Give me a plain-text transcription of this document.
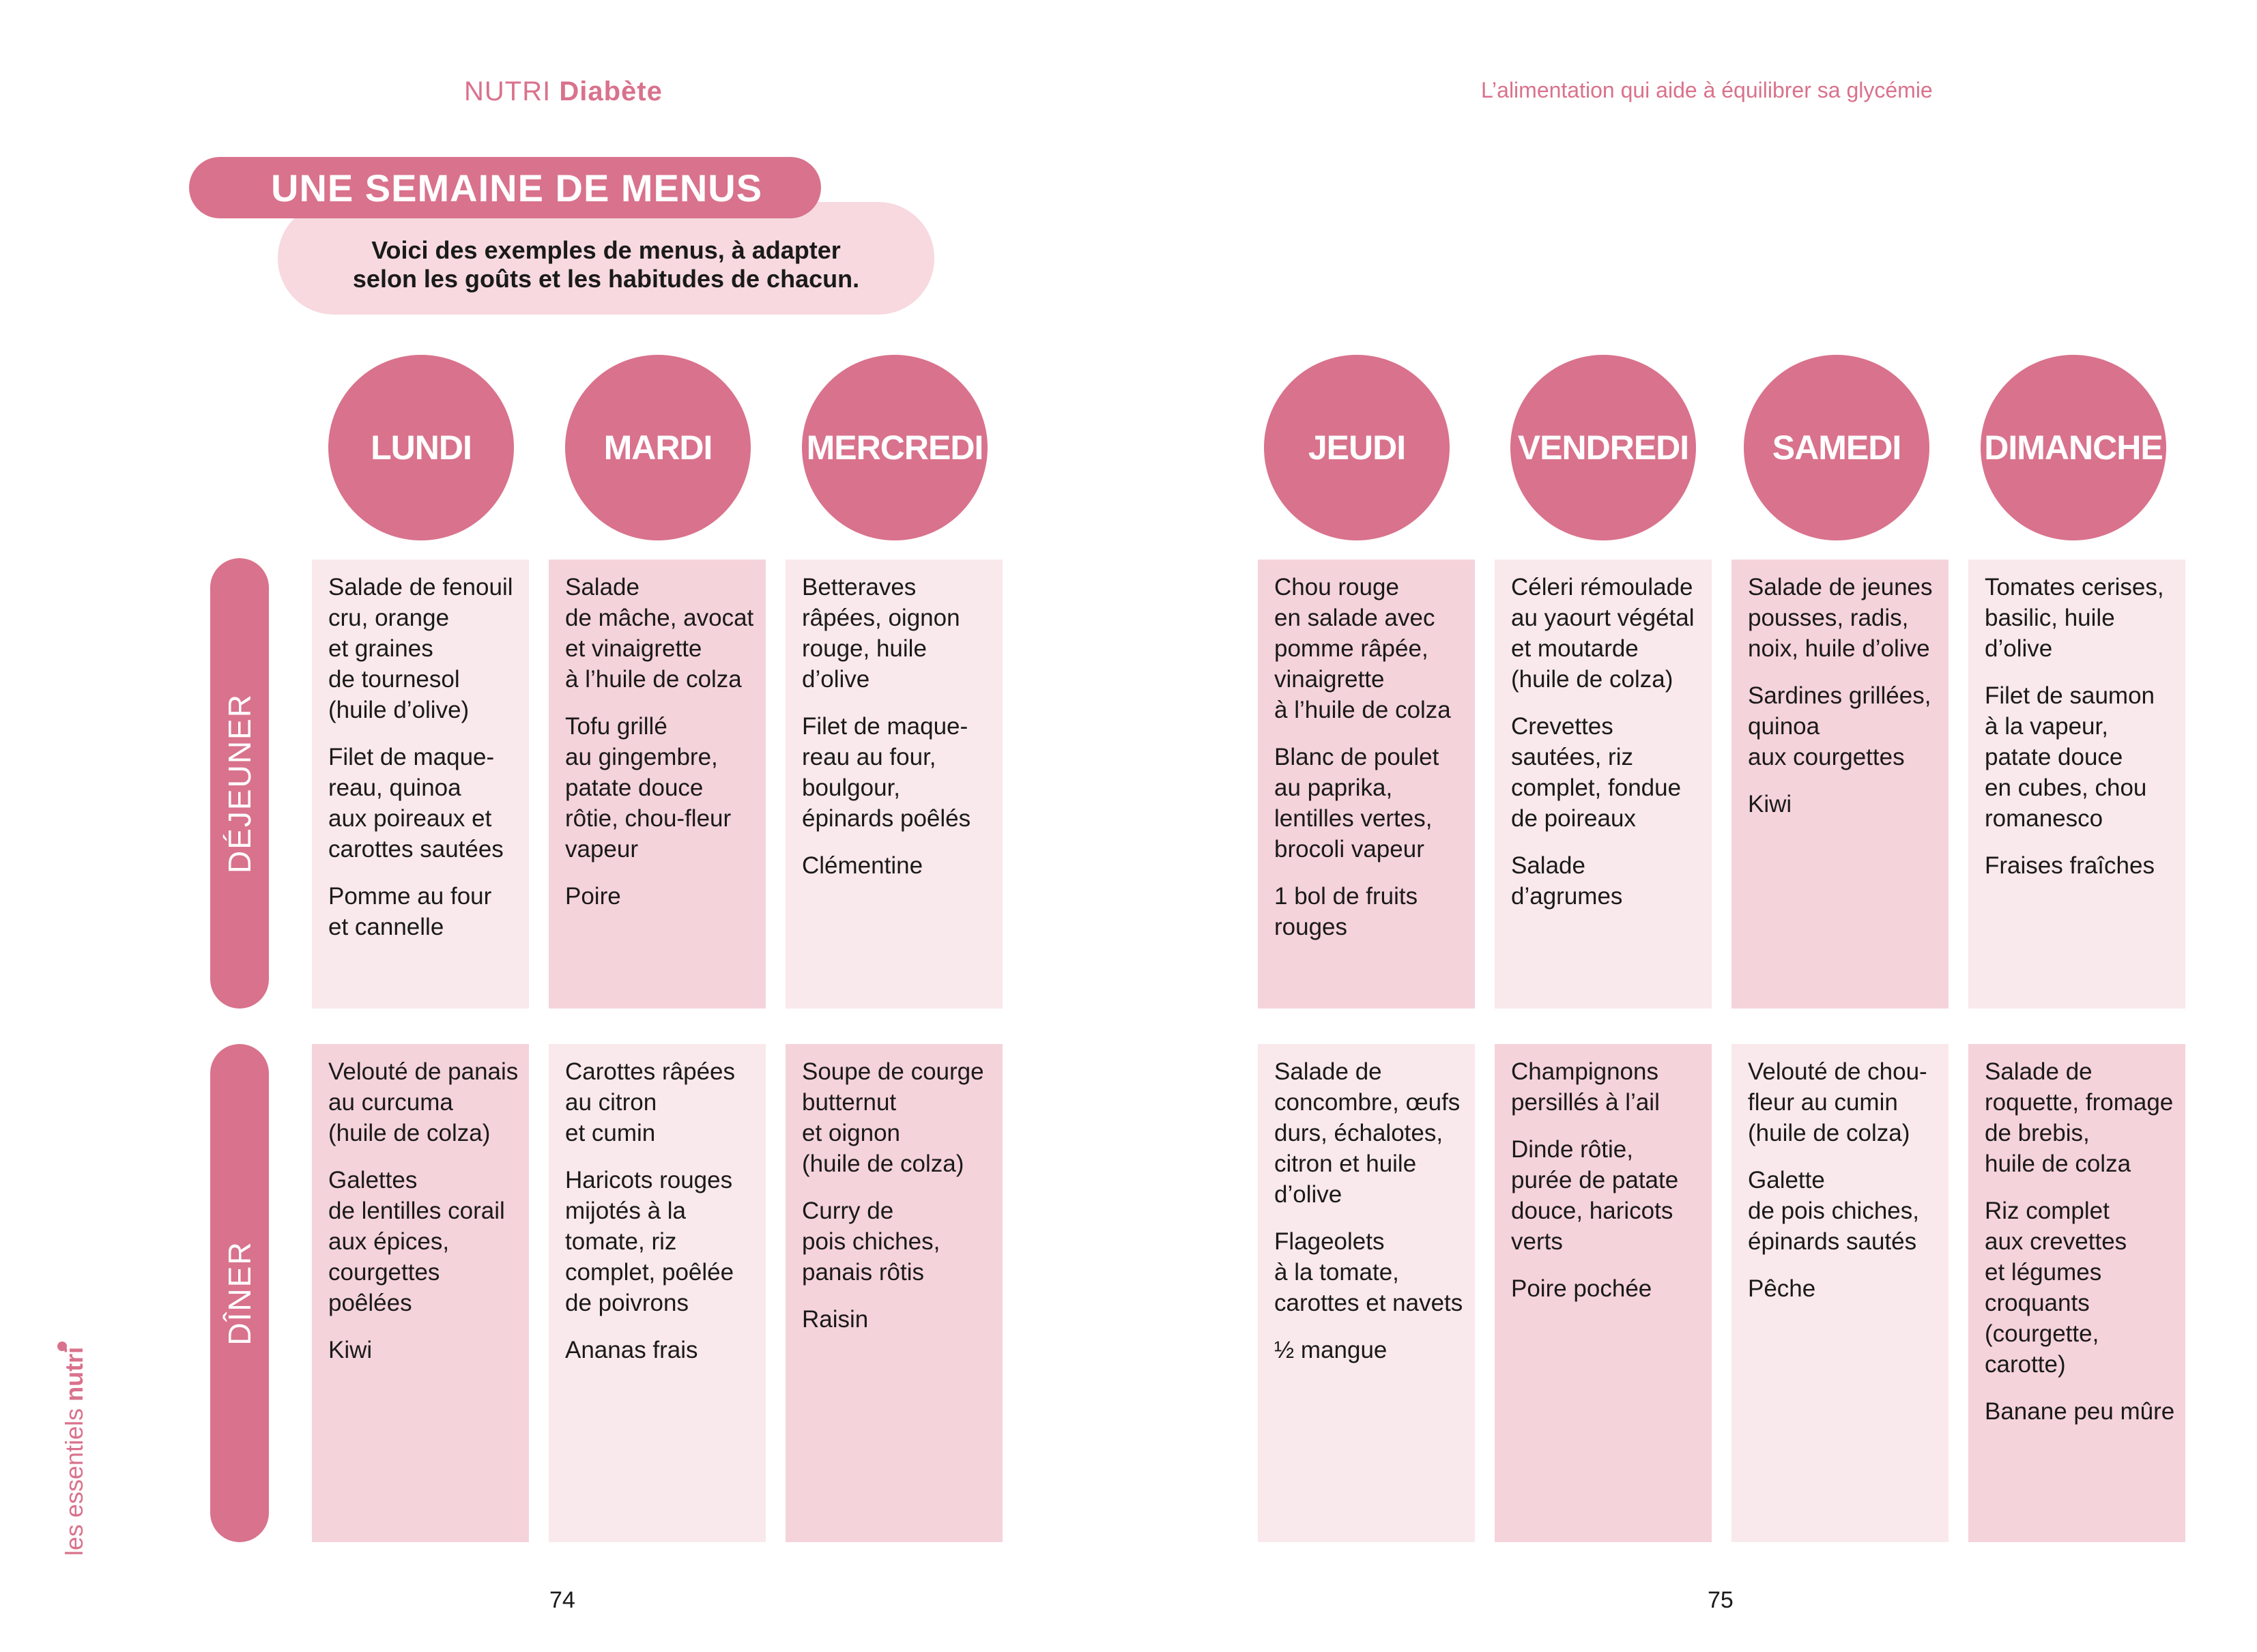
NUTRI Diabète	L’alimentation qui aide à équilibrer sa glycémie
UNE SEMAINE DE MENUS
Voici des exemples de menus, à adapter
selon les goûts et les habitudes de chacun.
DÉJEUNER
DÎNER
LUNDI
Salade de fenouil
cru, orange
et graines
de tournesol
(huile d’olive)
Filet de maque-
reau, quinoa
aux poireaux et
carottes sautées
Pomme au four
et cannelle
Velouté de panais
au curcuma
(huile de colza)
Galettes
de lentilles corail
aux épices,
courgettes
poêlées
Kiwi
MARDI
Salade
de mâche, avocat
et vinaigrette
à l’huile de colza
Tofu grillé
au gingembre,
patate douce
rôtie, chou-fleur
vapeur
Poire
Carottes râpées
au citron
et cumin
Haricots rouges
mijotés à la
tomate, riz
complet, poêlée
de poivrons
Ananas frais
MERCREDI
Betteraves
râpées, oignon
rouge, huile
d’olive
Filet de maque-
reau au four,
boulgour,
épinards poêlés
Clémentine
Soupe de courge
butternut
et oignon
(huile de colza)
Curry de
pois chiches,
panais rôtis
Raisin
JEUDI
Chou rouge
en salade avec
pomme râpée,
vinaigrette
à l’huile de colza
Blanc de poulet
au paprika,
lentilles vertes,
brocoli vapeur
1 bol de fruits
rouges
Salade de
concombre, œufs
durs, échalotes,
citron et huile
d’olive
Flageolets
à la tomate,
carottes et navets
½ mangue
VENDREDI
Céleri rémoulade
au yaourt végétal
et moutarde
(huile de colza)
Crevettes
sautées, riz
complet, fondue
de poireaux
Salade
d’agrumes
Champignons
persillés à l’ail
Dinde rôtie,
purée de patate
douce, haricots
verts
Poire pochée
SAMEDI
Salade de jeunes
pousses, radis,
noix, huile d’olive
Sardines grillées,
quinoa
aux courgettes
Kiwi
Velouté de chou-
fleur au cumin
(huile de colza)
Galette
de pois chiches,
épinards sautés
Pêche
DIMANCHE
Tomates cerises,
basilic, huile
d’olive
Filet de saumon
à la vapeur,
patate douce
en cubes, chou
romanesco
Fraises fraîches
Salade de
roquette, fromage
de brebis,
huile de colza
Riz complet
aux crevettes
et légumes
croquants
(courgette,
carotte)
Banane peu mûre
74	75
les essentiels nutri
